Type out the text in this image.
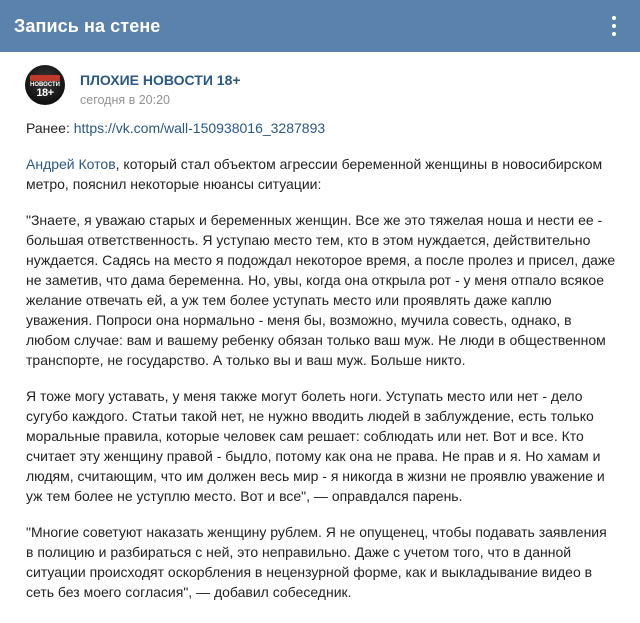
Запись на стене
НОВОСТИ
18+
ПЛОХИЕ НОВОСТИ 18+
сегодня в 20:20

Ранее: https://vk.com/wall-150938016_3287893

Андрей Котов, который стал объектом агрессии беременной женщины в новосибирском метро, пояснил некоторые нюансы ситуации:

"Знаете, я уважаю старых и беременных женщин. Все же это тяжелая ноша и нести ее - большая ответственность. Я уступаю место тем, кто в этом нуждается, действительно нуждается. Садясь на место я подождал некоторое время, а после пролез и присел, даже не заметив, что дама беременна. Но, увы, когда она открыла рот - у меня отпало всякое желание отвечать ей, а уж тем более уступать место или проявлять даже каплю уважения. Попроси она нормально - меня бы, возможно, мучила совесть, однако, в любом случае: вам и вашему ребенку обязан только ваш муж. Не люди в общественном транспорте, не государство. А только вы и ваш муж. Больше никто.

Я тоже могу уставать, у меня также могут болеть ноги. Уступать место или нет - дело сугубо каждого. Статьи такой нет, не нужно вводить людей в заблуждение, есть только моральные правила, которые человек сам решает: соблюдать или нет. Вот и все. Кто считает эту женщину правой - быдло, потому как она не права. Не прав и я. Но хамам и людям, считающим, что им должен весь мир - я никогда в жизни не проявлю уважение и уж тем более не уступлю место. Вот и все", — оправдался парень.

"Многие советуют наказать женщину рублем. Я не опущенец, чтобы подавать заявления в полицию и разбираться с ней, это неправильно. Даже с учетом того, что в данной ситуации происходят оскорбления в нецензурной форме, как и выкладывание видео в сеть без моего согласия", — добавил собеседник.
